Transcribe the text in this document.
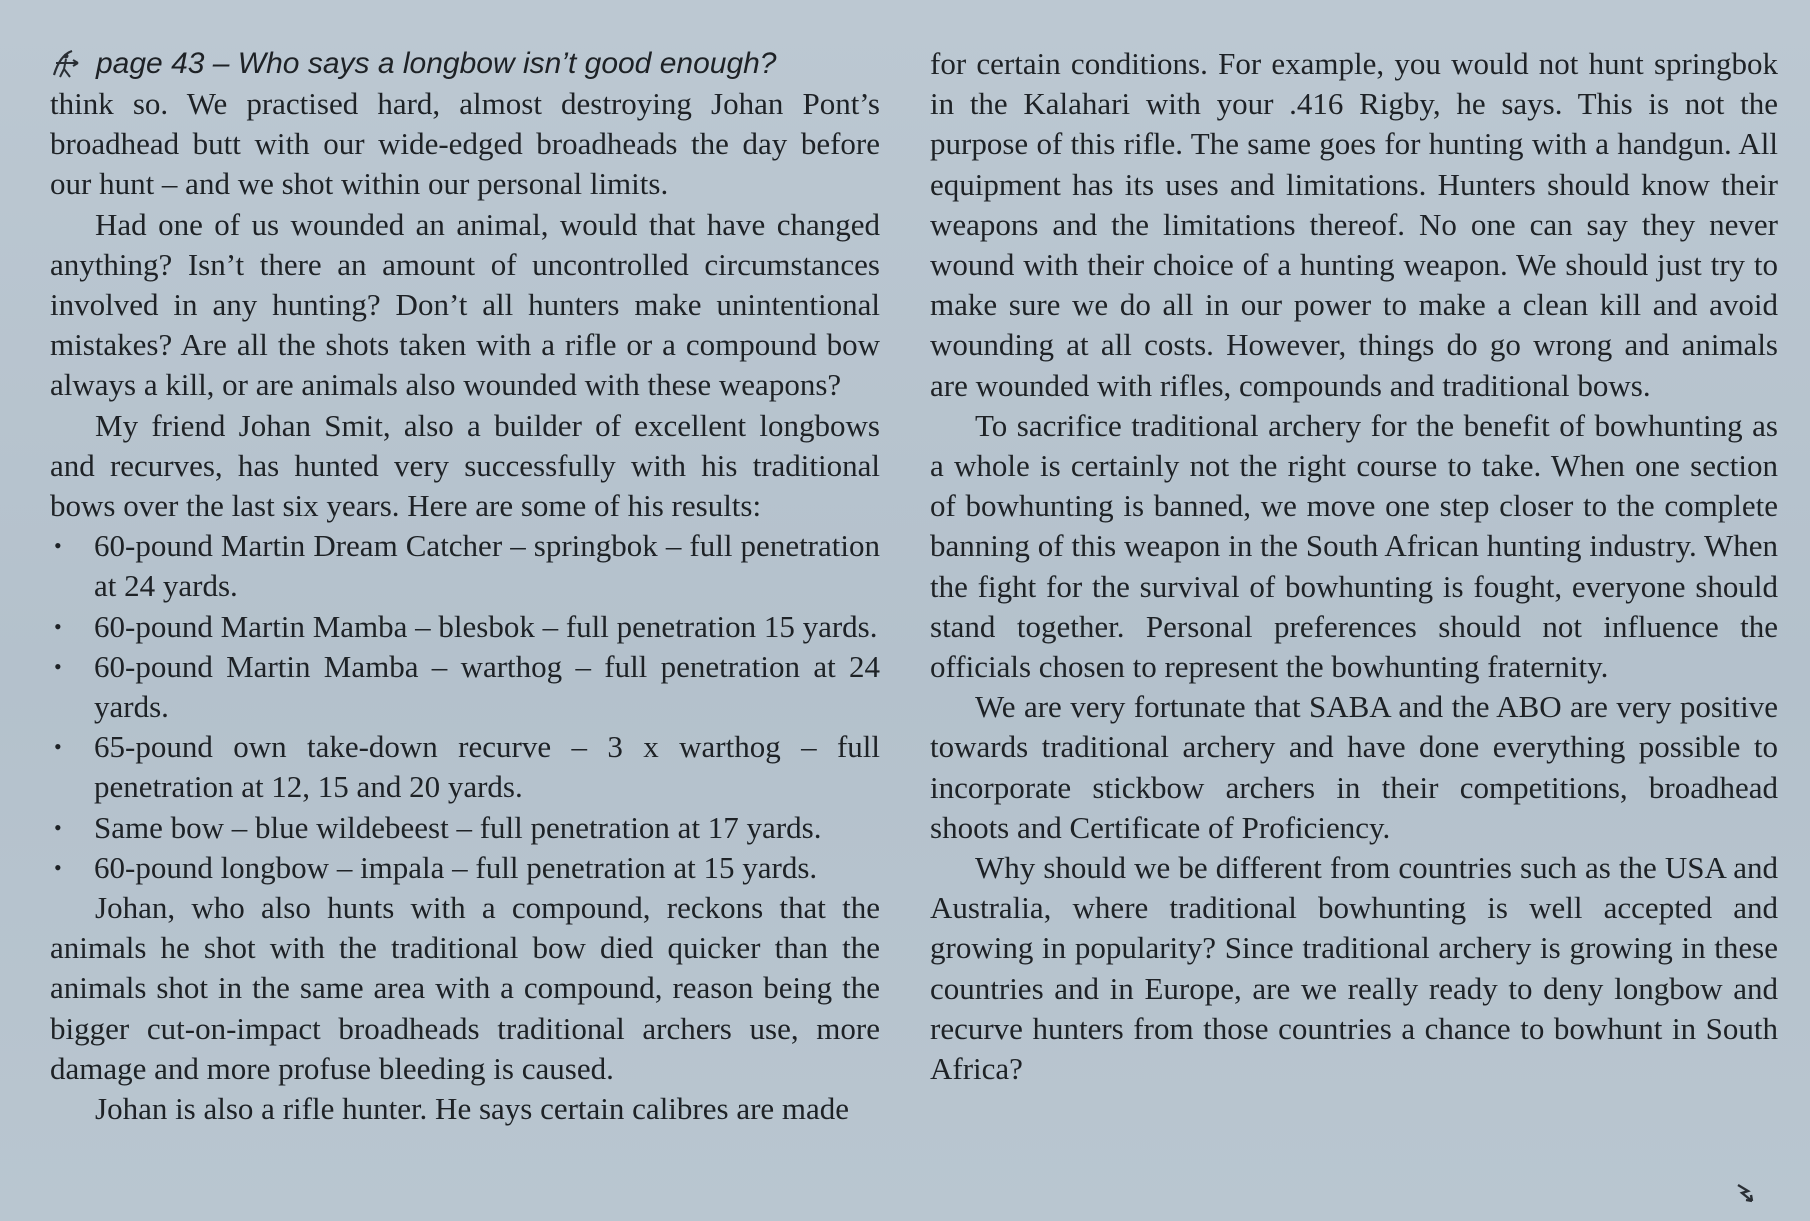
page 43 – Who says a longbow isn’t good enough?

think so. We practised hard, almost destroying Johan Pont’s broadhead butt with our wide-edged broadheads the day before our hunt – and we shot within our personal limits.

Had one of us wounded an animal, would that have changed anything? Isn’t there an amount of uncontrolled circumstances involved in any hunting? Don’t all hunters make unintentional mistakes? Are all the shots taken with a rifle or a compound bow always a kill, or are animals also wounded with these weapons?

My friend Johan Smit, also a builder of excellent longbows and recurves, has hunted very successfully with his traditional bows over the last six years. Here are some of his results:

• 60-pound Martin Dream Catcher – springbok – full penetration at 24 yards.
• 60-pound Martin Mamba – blesbok – full penetration 15 yards.
• 60-pound Martin Mamba – warthog – full penetration at 24 yards.
• 65-pound own take-down recurve – 3 x warthog – full penetration at 12, 15 and 20 yards.
• Same bow – blue wildebeest – full penetration at 17 yards.
• 60-pound longbow – impala – full penetration at 15 yards.

Johan, who also hunts with a compound, reckons that the animals he shot with the traditional bow died quicker than the animals shot in the same area with a compound, reason being the bigger cut-on-impact broadheads traditional archers use, more damage and more profuse bleeding is caused.

Johan is also a rifle hunter. He says certain calibres are made

for certain conditions. For example, you would not hunt springbok in the Kalahari with your .416 Rigby, he says. This is not the purpose of this rifle. The same goes for hunting with a handgun. All equipment has its uses and limitations. Hunters should know their weapons and the limitations thereof. No one can say they never wound with their choice of a hunting weapon. We should just try to make sure we do all in our power to make a clean kill and avoid wounding at all costs. However, things do go wrong and animals are wounded with rifles, compounds and traditional bows.

To sacrifice traditional archery for the benefit of bowhunting as a whole is certainly not the right course to take. When one section of bowhunting is banned, we move one step closer to the complete banning of this weapon in the South African hunting industry. When the fight for the survival of bowhunting is fought, everyone should stand together. Personal preferences should not influence the officials chosen to represent the bowhunting fraternity.

We are very fortunate that SABA and the ABO are very positive towards traditional archery and have done everything possible to incorporate stickbow archers in their competitions, broadhead shoots and Certificate of Proficiency.

Why should we be different from countries such as the USA and Australia, where traditional bowhunting is well accepted and growing in popularity? Since traditional archery is growing in these countries and in Europe, are we really ready to deny longbow and recurve hunters from those countries a chance to bowhunt in South Africa?
